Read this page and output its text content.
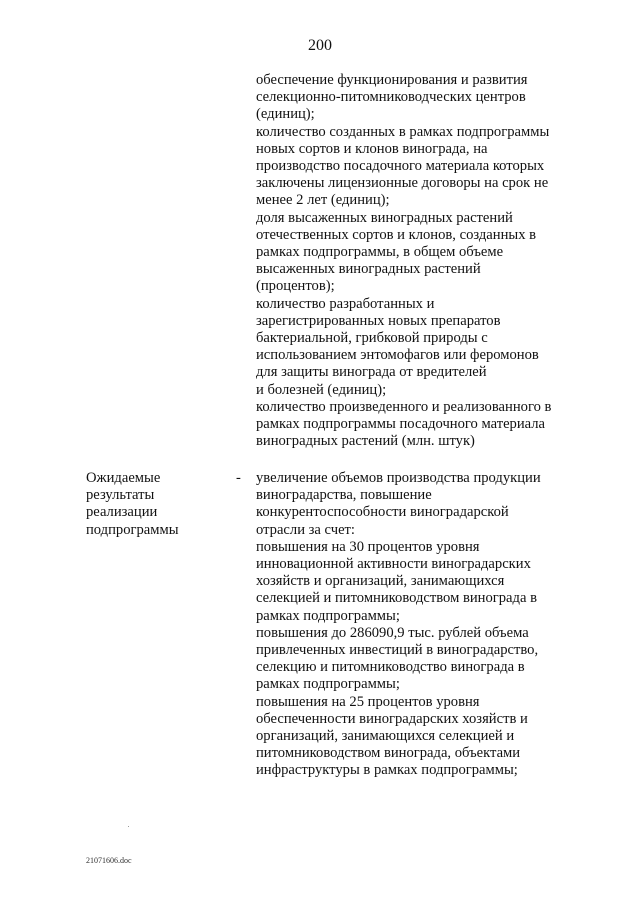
200
обеспечение функционирования и развития
селекционно-питомниководческих центров
(единиц);
количество созданных в рамках подпрограммы
новых сортов и клонов винограда, на
производство посадочного материала которых
заключены лицензионные договоры на срок не
менее 2 лет (единиц);
доля высаженных виноградных растений
отечественных сортов и клонов, созданных в
рамках подпрограммы, в общем объеме
высаженных виноградных растений
(процентов);
количество разработанных и
зарегистрированных новых препаратов
бактериальной, грибковой природы с
использованием энтомофагов или феромонов
для защиты винограда от вредителей
и болезней (единиц);
количество произведенного и реализованного в
рамках подпрограммы посадочного материала
виноградных растений (млн. штук)
Ожидаемые
результаты
реализации
подпрограммы
- увеличение объемов производства продукции
виноградарства, повышение
конкурентоспособности виноградарской
отрасли за счет:
повышения на 30 процентов уровня
инновационной активности виноградарских
хозяйств и организаций, занимающихся
селекцией и питомниководством винограда в
рамках подпрограммы;
повышения до 286090,9 тыс. рублей объема
привлеченных инвестиций в виноградарство,
селекцию и питомниководство винограда в
рамках подпрограммы;
повышения на 25 процентов уровня
обеспеченности виноградарских хозяйств и
организаций, занимающихся селекцией и
питомниководством винограда, объектами
инфраструктуры в рамках подпрограммы;
21071606.doc
